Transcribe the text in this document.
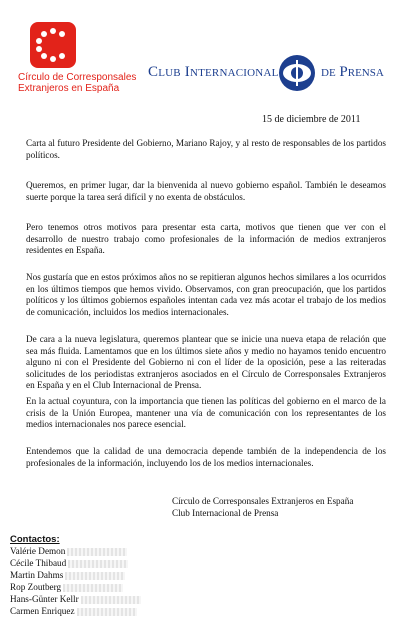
Círculo de Corresponsales
Extranjeros en España
Club Internacional	de Prensa
15 de diciembre de 2011

Carta al futuro Presidente del Gobierno, Mariano Rajoy, y al resto de responsables de los partidos políticos.

Queremos, en primer lugar, dar la bienvenida al nuevo gobierno español. También le deseamos suerte porque la tarea será difícil y no exenta de obstáculos.

Pero tenemos otros motivos para presentar esta carta, motivos que tienen que ver con el desarrollo de nuestro trabajo como profesionales de la información de medios extranjeros residentes en España.

Nos gustaría que en estos próximos años no se repitieran algunos hechos similares a los ocurridos en los últimos tiempos que hemos vivido. Observamos, con gran preocupación, que los partidos políticos y los últimos gobiernos españoles intentan cada vez más acotar el trabajo de los medios de comunicación, incluidos los medios internacionales.

De cara a la nueva legislatura, queremos plantear que se inicie una nueva etapa de relación que sea más fluida. Lamentamos que en los últimos siete años y medio no hayamos tenido encuentro alguno ni con el Presidente del Gobierno ni con el líder de la oposición, pese a las reiteradas solicitudes de los periodistas extranjeros asociados en el Círculo de Corresponsales Extranjeros en España y en el Club Internacional de Prensa.

En la actual coyuntura, con la importancia que tienen las políticas del gobierno en el marco de la crisis de la Unión Europea, mantener una vía de comunicación con los representantes de los medios internacionales nos parece esencial.

Entendemos que la calidad de una democracia depende también de la independencia de los profesionales de la información, incluyendo los de los medios internacionales.

Círculo de Corresponsales Extranjeros en España
Club Internacional de Prensa
Contactos:
Valérie Demon
Cécile Thibaud
Martin Dahms
Rop Zoutberg
Hans-Günter Kellr
Carmen Enriquez
